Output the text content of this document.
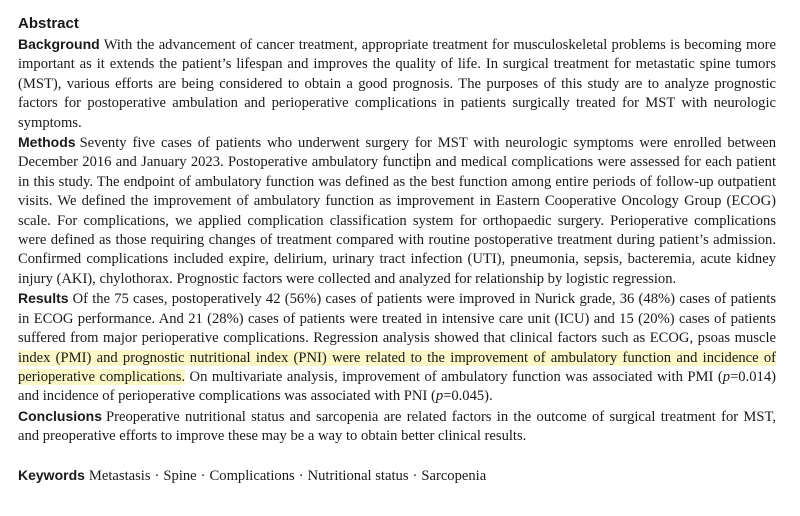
Abstract

Background With the advancement of cancer treatment, appropriate treatment for musculoskeletal problems is becoming more important as it extends the patient’s lifespan and improves the quality of life. In surgical treatment for metastatic spine tumors (MST), various efforts are being considered to obtain a good prognosis. The purposes of this study are to analyze prognostic factors for postoperative ambulation and perioperative complications in patients surgically treated for MST with neurologic symptoms.

Methods Seventy five cases of patients who underwent surgery for MST with neurologic symptoms were enrolled between December 2016 and January 2023. Postoperative ambulatory function and medical complications were assessed for each patient in this study. The endpoint of ambulatory function was defined as the best function among entire periods of follow-up outpatient visits. We defined the improvement of ambulatory function as improvement in Eastern Cooperative Oncology Group (ECOG) scale. For complications, we applied complication classification system for orthopaedic surgery. Perioperative complications were defined as those requiring changes of treatment compared with routine postoperative treatment during patient’s admission. Confirmed complications included expire, delirium, urinary tract infection (UTI), pneumonia, sepsis, bacteremia, acute kidney injury (AKI), chylothorax. Prognostic factors were collected and analyzed for relationship by logistic regression.

Results Of the 75 cases, postoperatively 42 (56%) cases of patients were improved in Nurick grade, 36 (48%) cases of patients in ECOG performance. And 21 (28%) cases of patients were treated in intensive care unit (ICU) and 15 (20%) cases of patients suffered from major perioperative complications. Regression analysis showed that clinical factors such as ECOG, psoas muscle index (PMI) and prognostic nutritional index (PNI) were related to the improvement of ambulatory function and incidence of perioperative complications. On multivariate analysis, improvement of ambulatory function was associated with PMI (p=0.014) and incidence of perioperative complications was associated with PNI (p=0.045).

Conclusions Preoperative nutritional status and sarcopenia are related factors in the outcome of surgical treatment for MST, and preoperative efforts to improve these may be a way to obtain better clinical results.

Keywords Metastasis · Spine · Complications · Nutritional status · Sarcopenia
